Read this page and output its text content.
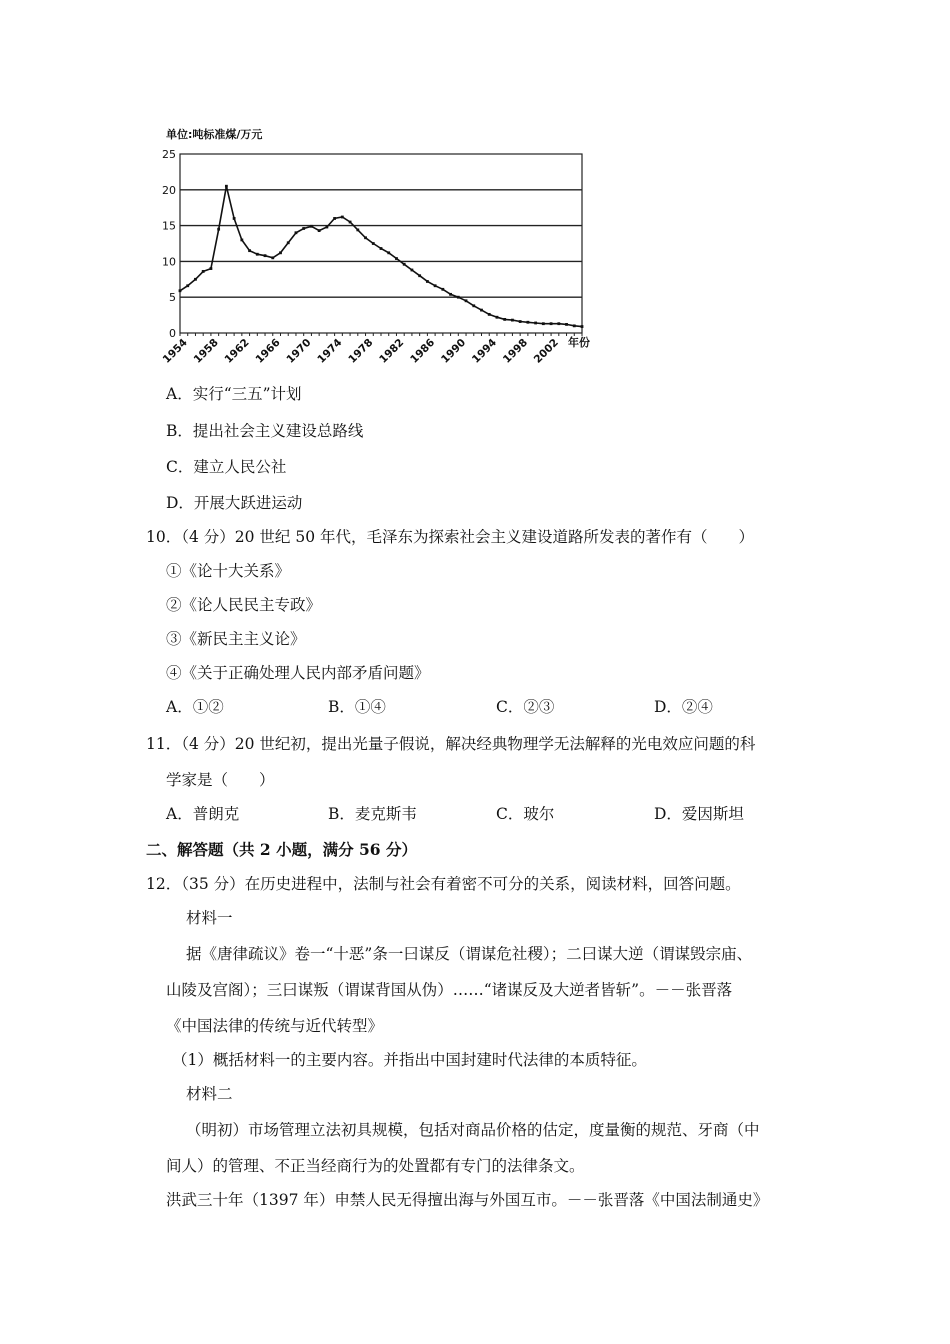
单位:吨标准煤/万元
0
5
10
15
20
25
1954 1958 1962 1966 1970 1974 1978 1982 1986 1990 1994 1998 2002 年份
A．实行“三五”计划
B．提出社会主义建设总路线
C．建立人民公社
D．开展大跃进运动
10．（4 分）20 世纪 50 年代，毛泽东为探索社会主义建设道路所发表的著作有（　　）
①《论十大关系》
②《论人民民主专政》
③《新民主主义论》
④《关于正确处理人民内部矛盾问题》
A．①②	B．①④	C．②③	D．②④
11．（4 分）20 世纪初，提出光量子假说，解决经典物理学无法解释的光电效应问题的科
学家是（　　）
A．普朗克	B．麦克斯韦	C．玻尔	D．爱因斯坦
二、解答题（共 2 小题，满分 56 分）
12．（35 分）在历史进程中，法制与社会有着密不可分的关系，阅读材料，回答问题。
材料一
据《唐律疏议》卷一“十恶”条一曰谋反（谓谋危社稷）；二曰谋大逆（谓谋毁宗庙、
山陵及宫阁）；三曰谋叛（谓谋背国从伪）……“诸谋反及大逆者皆斩”。－－张晋落
《中国法律的传统与近代转型》
（1）概括材料一的主要内容。并指出中国封建时代法律的本质特征。
材料二
（明初）市场管理立法初具规模，包括对商品价格的估定，度量衡的规范、牙商（中
间人）的管理、不正当经商行为的处置都有专门的法律条文。
洪武三十年（1397 年）申禁人民无得擅出海与外国互市。－－张晋落《中国法制通史》
